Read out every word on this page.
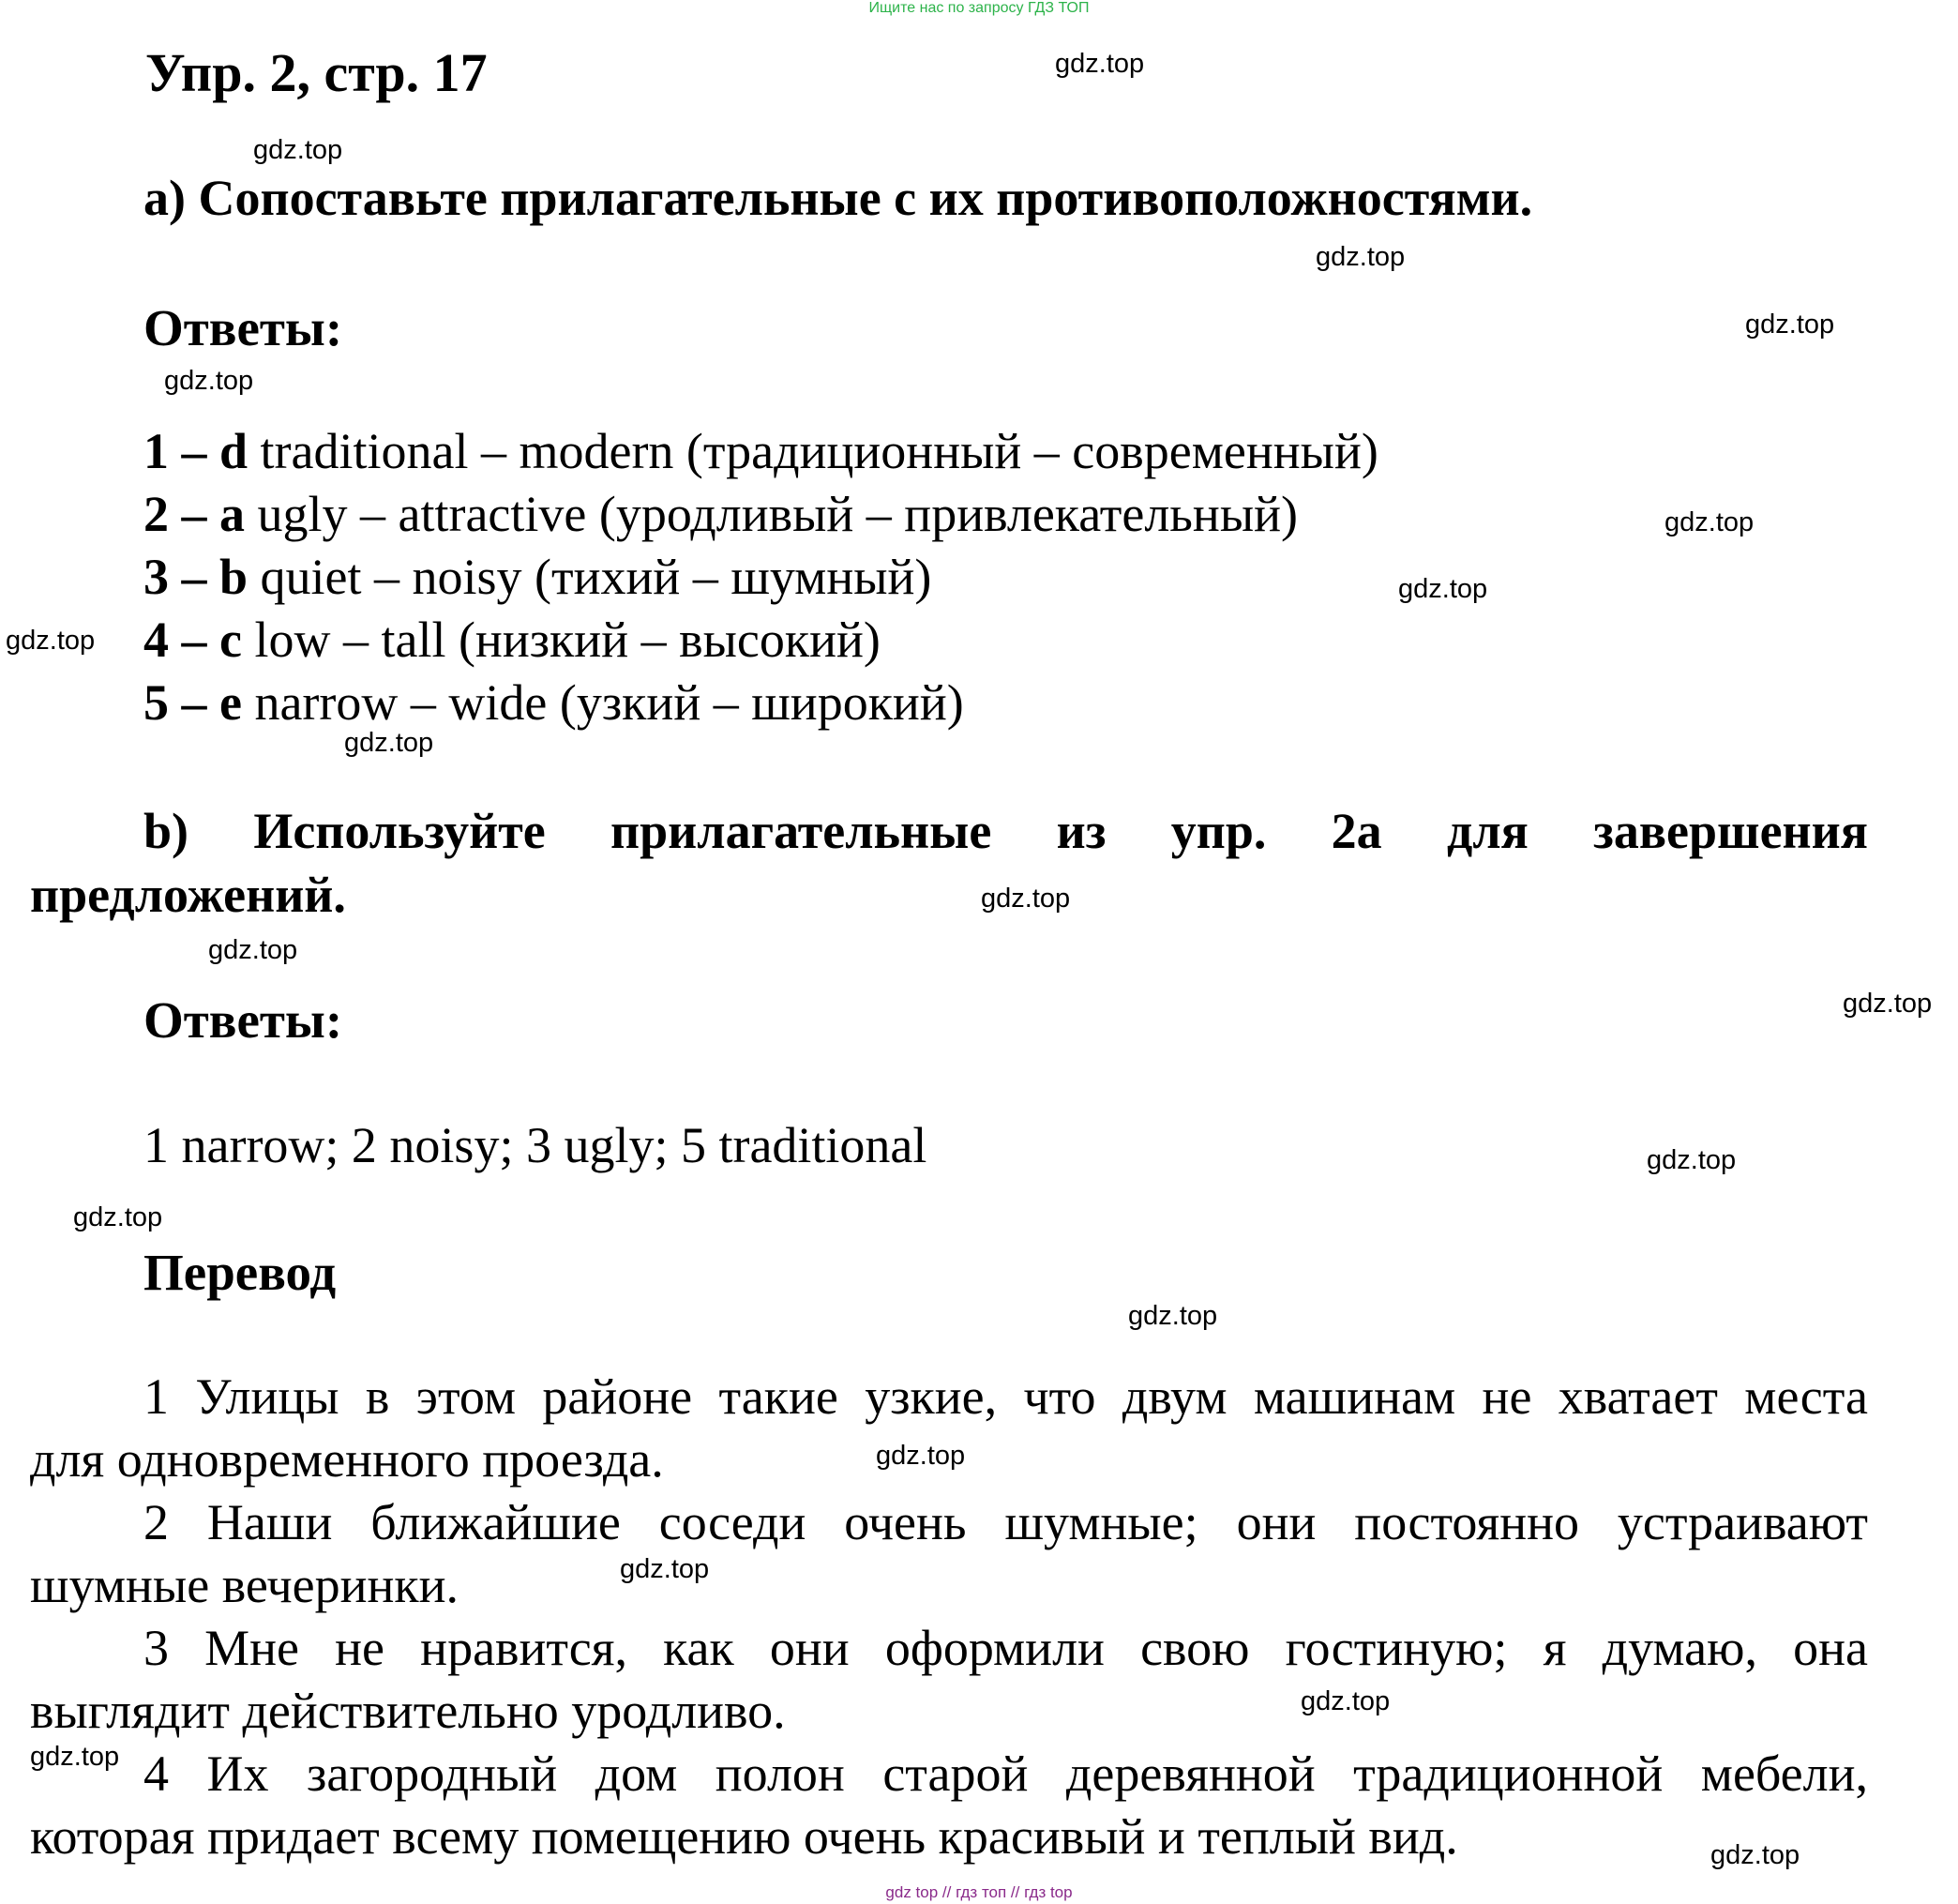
Ищите нас по запросу ГДЗ ТОП
Упр. 2, стр. 17
a) Сопоставьте прилагательные с их противоположностями.
Ответы:
1 – d traditional – modern (традиционный – современный)
2 – a ugly – attractive (уродливый – привлекательный)
3 – b quiet – noisy (тихий – шумный)
4 – c low – tall (низкий – высокий)
5 – e narrow – wide (узкий – широкий)
b) Используйте прилагательные из упр. 2a для завершения
предложений.
Ответы:
1 narrow; 2 noisy; 3 ugly; 5 traditional
Перевод
1 Улицы в этом районе такие узкие, что двум машинам не хватает места
для одновременного проезда.
2 Наши ближайшие соседи очень шумные; они постоянно устраивают
шумные вечеринки.
3 Мне не нравится, как они оформили свою гостиную; я думаю, она
выглядит действительно уродливо.
4 Их загородный дом полон старой деревянной традиционной мебели,
которая придает всему помещению очень красивый и теплый вид.
gdz.top
gdz.top
gdz.top
gdz.top
gdz.top
gdz.top
gdz.top
gdz.top
gdz.top
gdz.top
gdz.top
gdz.top
gdz.top
gdz.top
gdz.top
gdz.top
gdz.top
gdz.top
gdz.top
gdz.top
gdz top // гдз топ // гдз top
